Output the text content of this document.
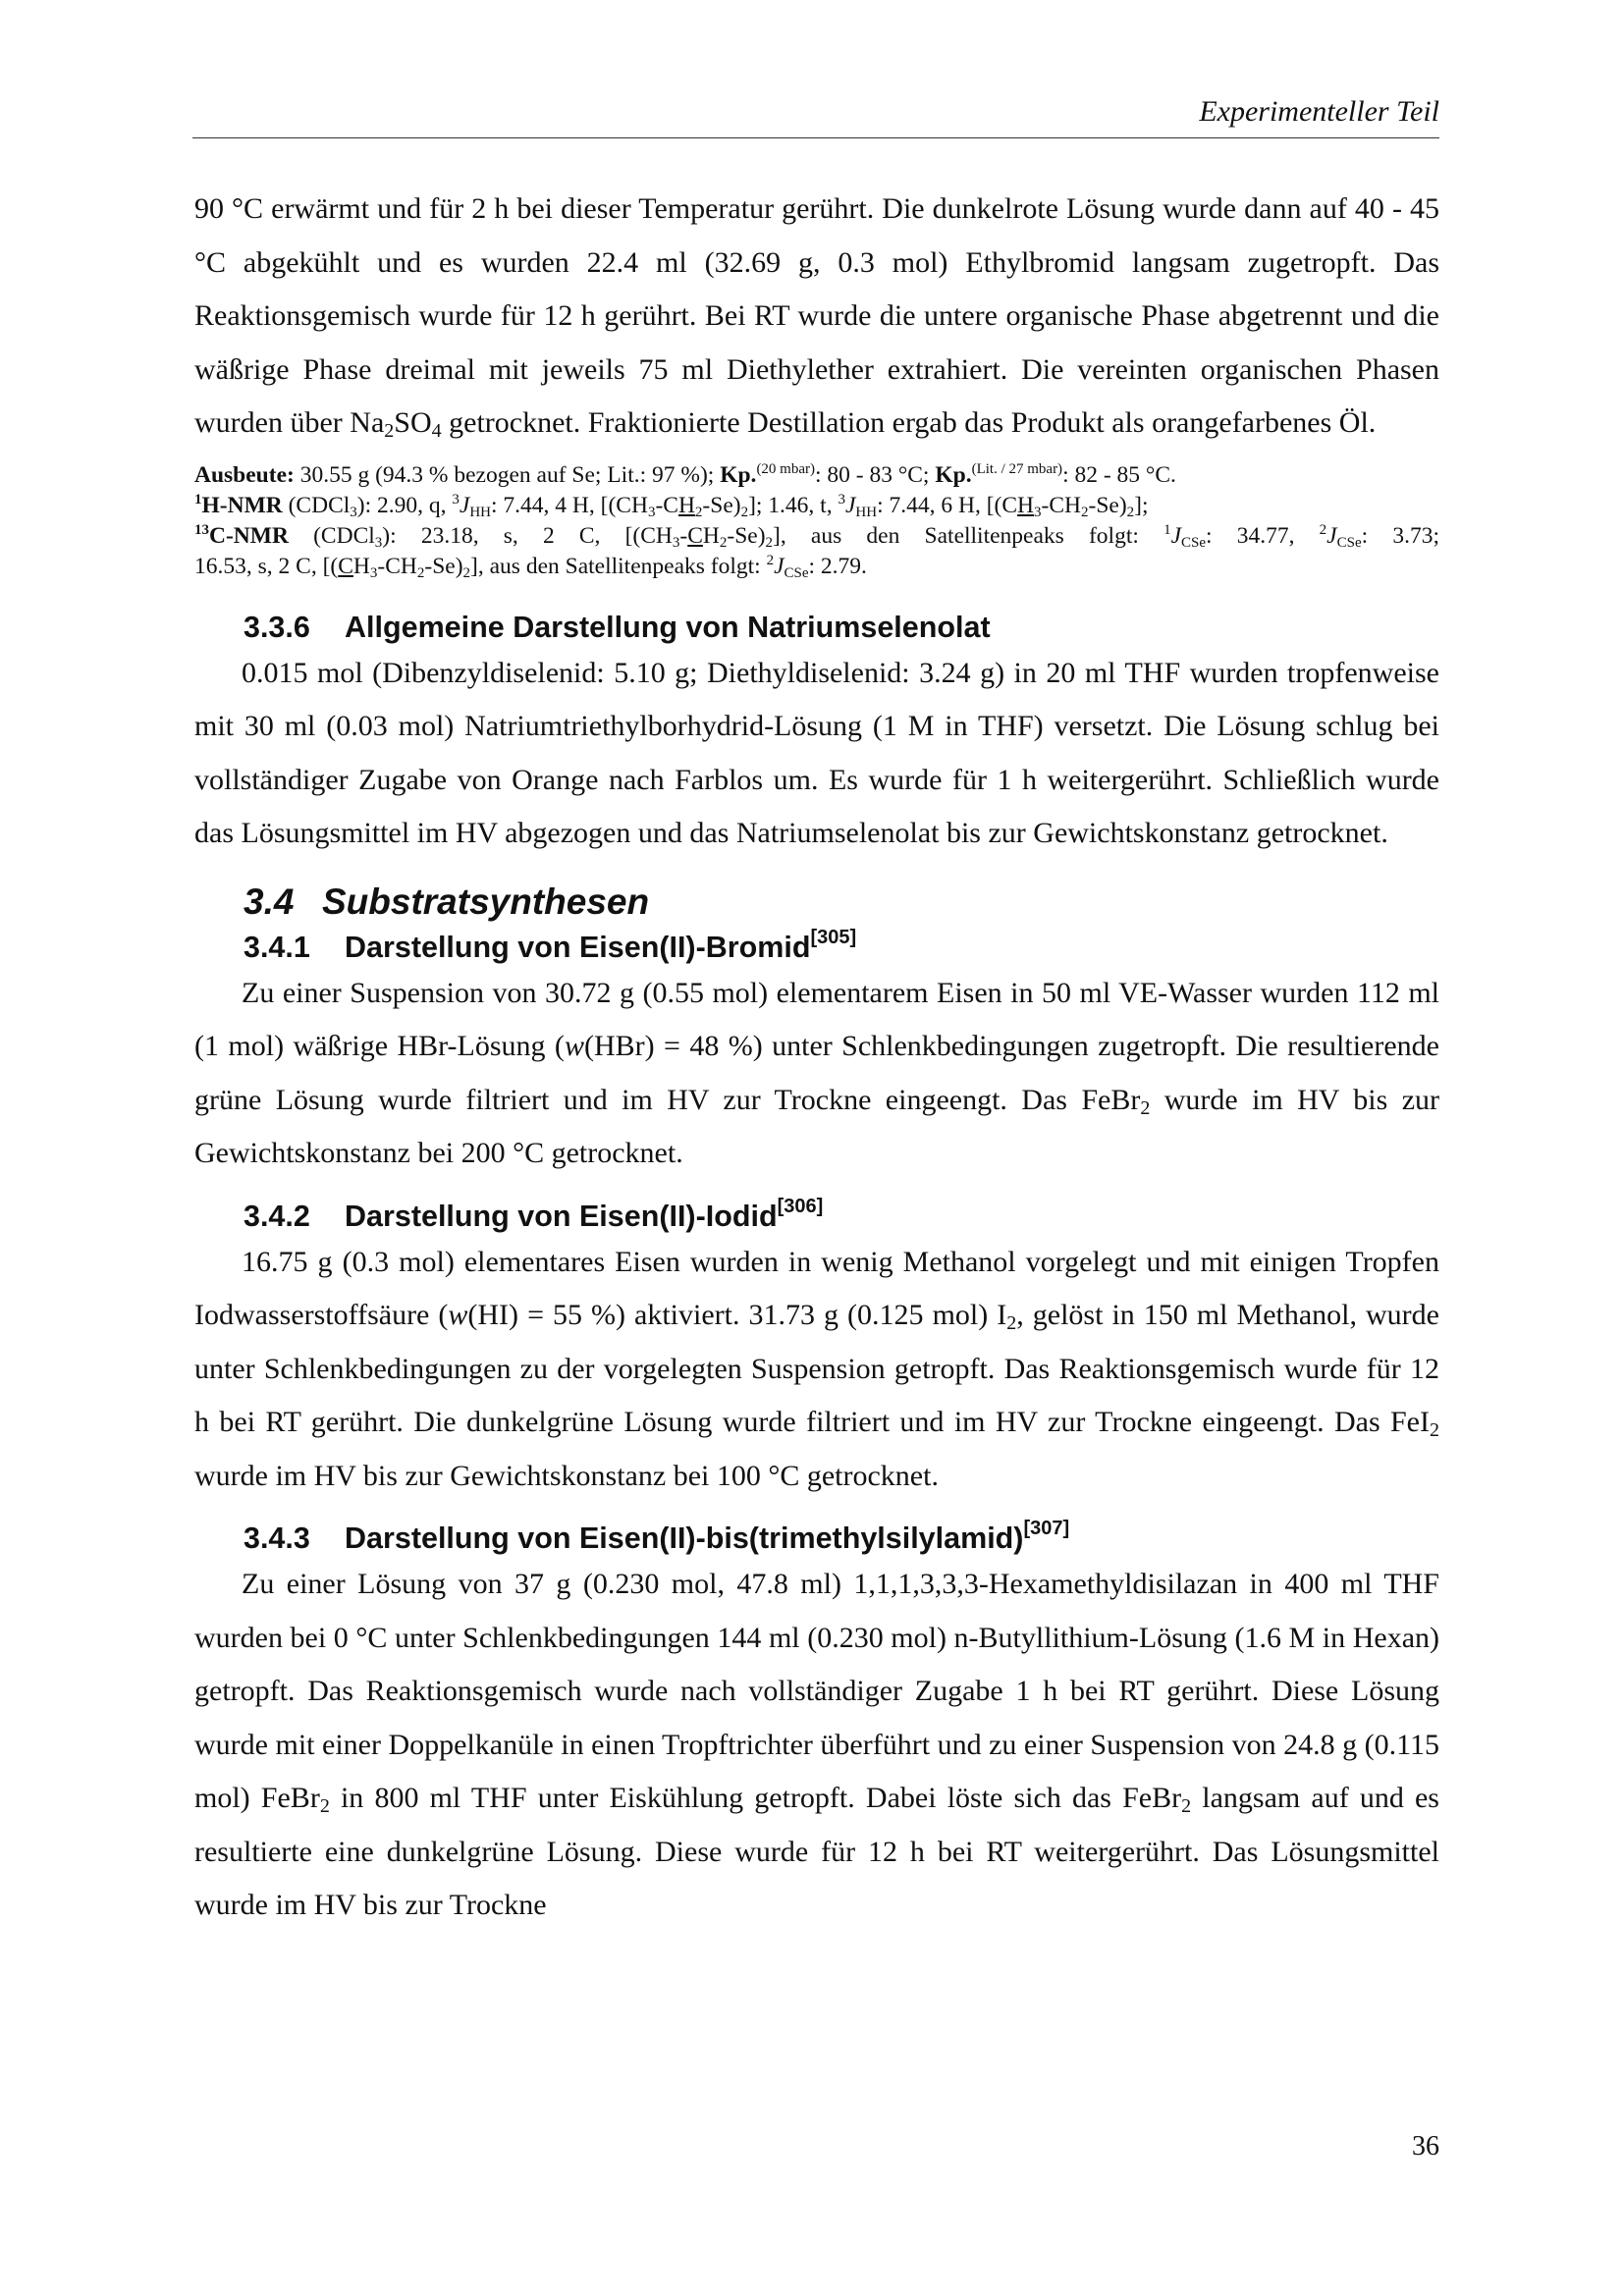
Experimenteller Teil

90 °C erwärmt und für 2 h bei dieser Temperatur gerührt. Die dunkelrote Lösung wurde dann auf 40 - 45 °C abgekühlt und es wurden 22.4 ml (32.69 g, 0.3 mol) Ethylbromid langsam zugetropft. Das Reaktionsgemisch wurde für 12 h gerührt. Bei RT wurde die untere organische Phase abgetrennt und die wäßrige Phase dreimal mit jeweils 75 ml Diethylether extrahiert. Die vereinten organischen Phasen wurden über $Na_2SO_4$ getrocknet. Fraktionierte Destillation ergab das Produkt als orangefarbenes Öl.

Ausbeute: 30.55 g (94.3 % bezogen auf Se; Lit.: 97 %); Kp.$^{(20 mbar)}$: 80 - 83 °C; Kp.$^{(Lit. / 27 mbar)}$: 82 - 85 °C.
$^1$H-NMR (CDCl$_3$): 2.90, q, $^3J_{HH}$: 7.44, 4 H, $[(CH_3-CH_2-Se)_2]$; 1.46, t, $^3J_{HH}$: 7.44, 6 H, $[(CH_3-CH_2-Se)_2]$;
$^{13}$C-NMR (CDCl$_3$): 23.18, s, 2 C, $[(CH_3-CH_2-Se)_2]$, aus den Satellitenpeaks folgt: $^1J_{CSe}$: 34.77, $^2J_{CSe}$: 3.73;
16.53, s, 2 C, $[(CH_3-CH_2-Se)_2]$, aus den Satellitenpeaks folgt: $^2J_{CSe}$: 2.79.
3.3.6 Allgemeine Darstellung von Natriumselenolat

0.015 mol (Dibenzyldiselenid: 5.10 g; Diethyldiselenid: 3.24 g) in 20 ml THF wurden tropfenweise mit 30 ml (0.03 mol) Natriumtriethylborhydrid-Lösung (1 M in THF) versetzt. Die Lösung schlug bei vollständiger Zugabe von Orange nach Farblos um. Es wurde für 1 h weitergerührt. Schließlich wurde das Lösungsmittel im HV abgezogen und das Natriumselenolat bis zur Gewichtskonstanz getrocknet.

3.4 Substratsynthesen
3.4.1 Darstellung von Eisen(II)-Bromid[305]

Zu einer Suspension von 30.72 g (0.55 mol) elementarem Eisen in 50 ml VE-Wasser wurden 112 ml (1 mol) wäßrige HBr-Lösung (w(HBr) = 48 %) unter Schlenkbedingungen zugetropft. Die resultierende grüne Lösung wurde filtriert und im HV zur Trockne eingeengt. Das FeBr$_2$ wurde im HV bis zur Gewichtskonstanz bei 200 °C getrocknet.

3.4.2 Darstellung von Eisen(II)-Iodid[306]

16.75 g (0.3 mol) elementares Eisen wurden in wenig Methanol vorgelegt und mit einigen Tropfen Iodwasserstoffsäure (w(HI) = 55 %) aktiviert. 31.73 g (0.125 mol) $I_2$, gelöst in 150 ml Methanol, wurde unter Schlenkbedingungen zu der vorgelegten Suspension getropft. Das Reaktionsgemisch wurde für 12 h bei RT gerührt. Die dunkelgrüne Lösung wurde filtriert und im HV zur Trockne eingeengt. Das FeI$_2$ wurde im HV bis zur Gewichtskonstanz bei 100 °C getrocknet.

3.4.3 Darstellung von Eisen(II)-bis(trimethylsilylamid)[307]

Zu einer Lösung von 37 g (0.230 mol, 47.8 ml) 1,1,1,3,3,3-Hexamethyldisilazan in 400 ml THF wurden bei 0 °C unter Schlenkbedingungen 144 ml (0.230 mol) n-Butyllithium-Lösung (1.6 M in Hexan) getropft. Das Reaktionsgemisch wurde nach vollständiger Zugabe 1 h bei RT gerührt. Diese Lösung wurde mit einer Doppelkanüle in einen Tropftrichter überführt und zu einer Suspension von 24.8 g (0.115 mol) FeBr$_2$ in 800 ml THF unter Eiskühlung getropft. Dabei löste sich das FeBr$_2$ langsam auf und es resultierte eine dunkelgrüne Lösung. Diese wurde für 12 h bei RT weitergerührt. Das Lösungsmittel wurde im HV bis zur Trockne

36
